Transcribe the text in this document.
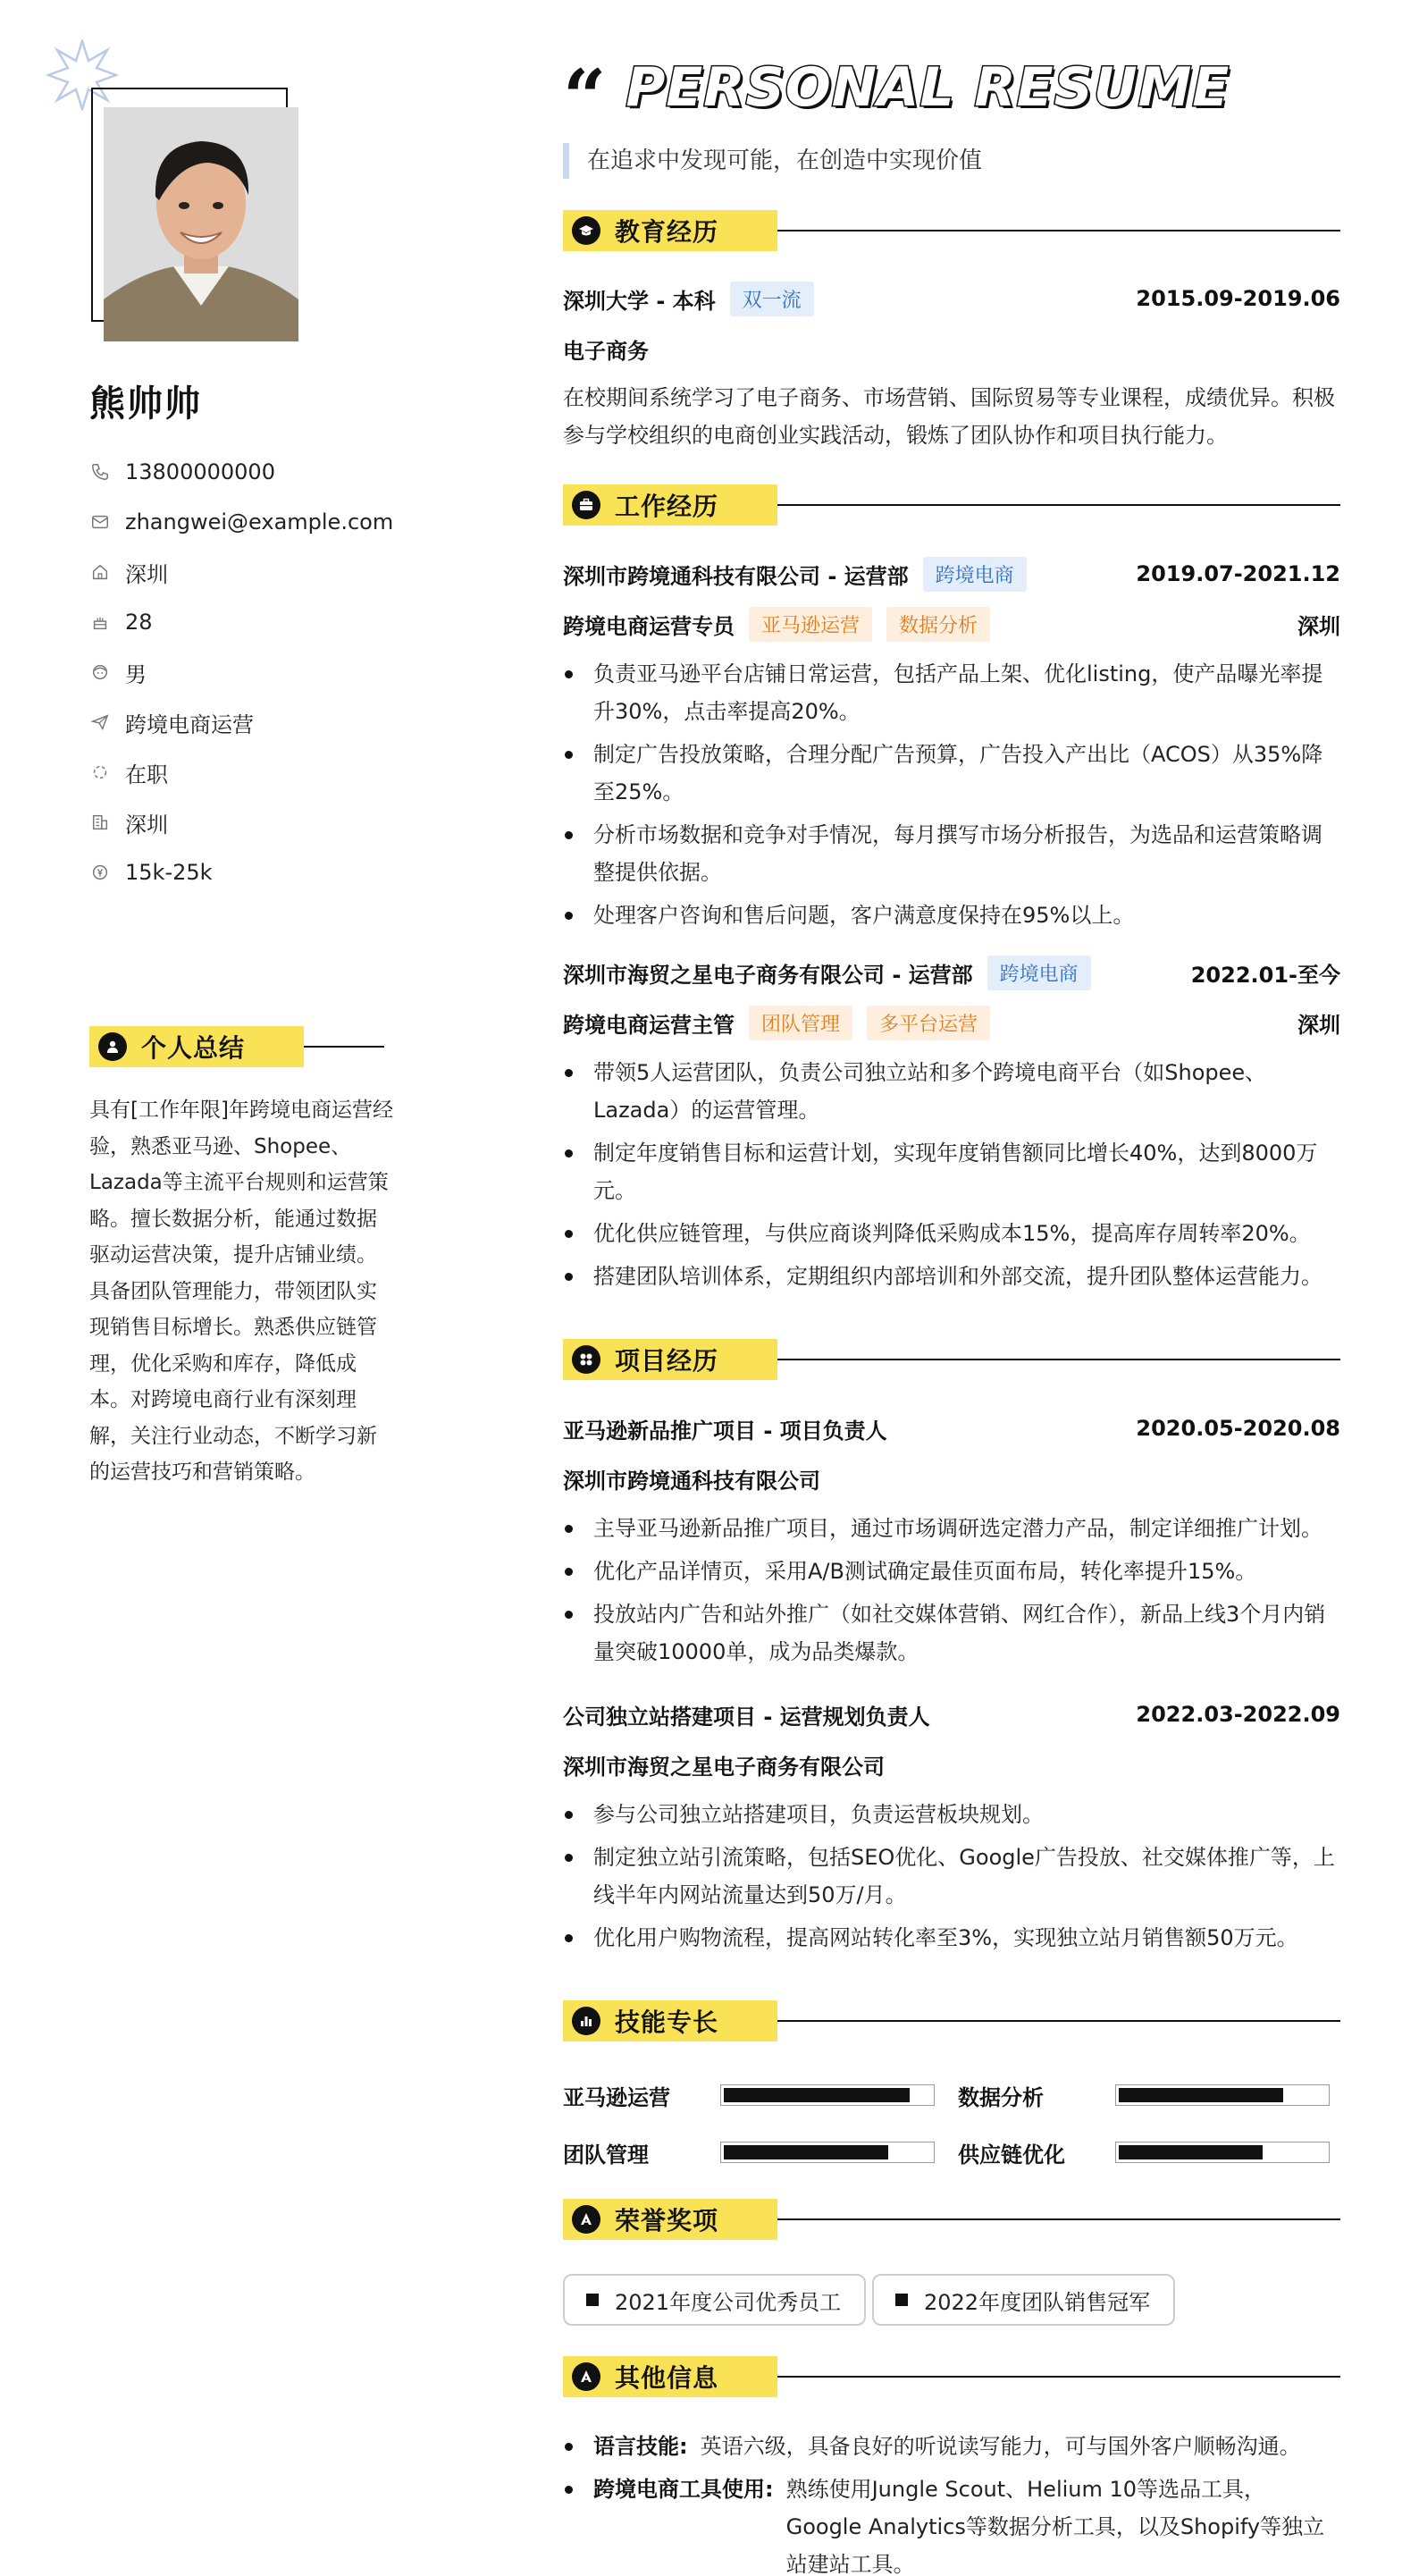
熊帅帅
13800000000
zhangwei@example.com
深圳
28
男
跨境电商运营
在职
深圳
15k-25k
个人总结
具有[工作年限]年跨境电商运营经验，熟悉亚马逊、Shopee、Lazada等主流平台规则和运营策略。擅长数据分析，能通过数据驱动运营决策，提升店铺业绩。具备团队管理能力，带领团队实现销售目标增长。熟悉供应链管理，优化采购和库存，降低成本。对跨境电商行业有深刻理解，关注行业动态，不断学习新的运营技巧和营销策略。
“ PERSONAL RESUME
在追求中发现可能，在创造中实现价值
教育经历
深圳大学 - 本科	双一流	2015.09-2019.06
电子商务
在校期间系统学习了电子商务、市场营销、国际贸易等专业课程，成绩优异。积极参与学校组织的电商创业实践活动，锻炼了团队协作和项目执行能力。
工作经历
深圳市跨境通科技有限公司 - 运营部	跨境电商	2019.07-2021.12
跨境电商运营专员	亚马逊运营	数据分析	深圳
负责亚马逊平台店铺日常运营，包括产品上架、优化listing，使产品曝光率提升30%，点击率提高20%。
制定广告投放策略，合理分配广告预算，广告投入产出比（ACOS）从35%降至25%。
分析市场数据和竞争对手情况，每月撰写市场分析报告，为选品和运营策略调整提供依据。
处理客户咨询和售后问题，客户满意度保持在95%以上。
深圳市海贸之星电子商务有限公司 - 运营部	跨境电商	2022.01-至今
跨境电商运营主管	团队管理	多平台运营	深圳
带领5人运营团队，负责公司独立站和多个跨境电商平台（如Shopee、Lazada）的运营管理。
制定年度销售目标和运营计划，实现年度销售额同比增长40%，达到8000万元。
优化供应链管理，与供应商谈判降低采购成本15%，提高库存周转率20%。
搭建团队培训体系，定期组织内部培训和外部交流，提升团队整体运营能力。
项目经历
亚马逊新品推广项目 - 项目负责人	2020.05-2020.08
深圳市跨境通科技有限公司
主导亚马逊新品推广项目，通过市场调研选定潜力产品，制定详细推广计划。
优化产品详情页，采用A/B测试确定最佳页面布局，转化率提升15%。
投放站内广告和站外推广（如社交媒体营销、网红合作），新品上线3个月内销量突破10000单，成为品类爆款。
公司独立站搭建项目 - 运营规划负责人	2022.03-2022.09
深圳市海贸之星电子商务有限公司
参与公司独立站搭建项目，负责运营板块规划。
制定独立站引流策略，包括SEO优化、Google广告投放、社交媒体推广等，上线半年内网站流量达到50万/月。
优化用户购物流程，提高网站转化率至3%，实现独立站月销售额50万元。
技能专长
亚马逊运营	数据分析
团队管理	供应链优化
荣誉奖项
2021年度公司优秀员工	2022年度团队销售冠军
其他信息
语言技能: 英语六级，具备良好的听说读写能力，可与国外客户顺畅沟通。
跨境电商工具使用: 熟练使用Jungle Scout、Helium 10等选品工具，Google Analytics等数据分析工具，以及Shopify等独立站建站工具。
